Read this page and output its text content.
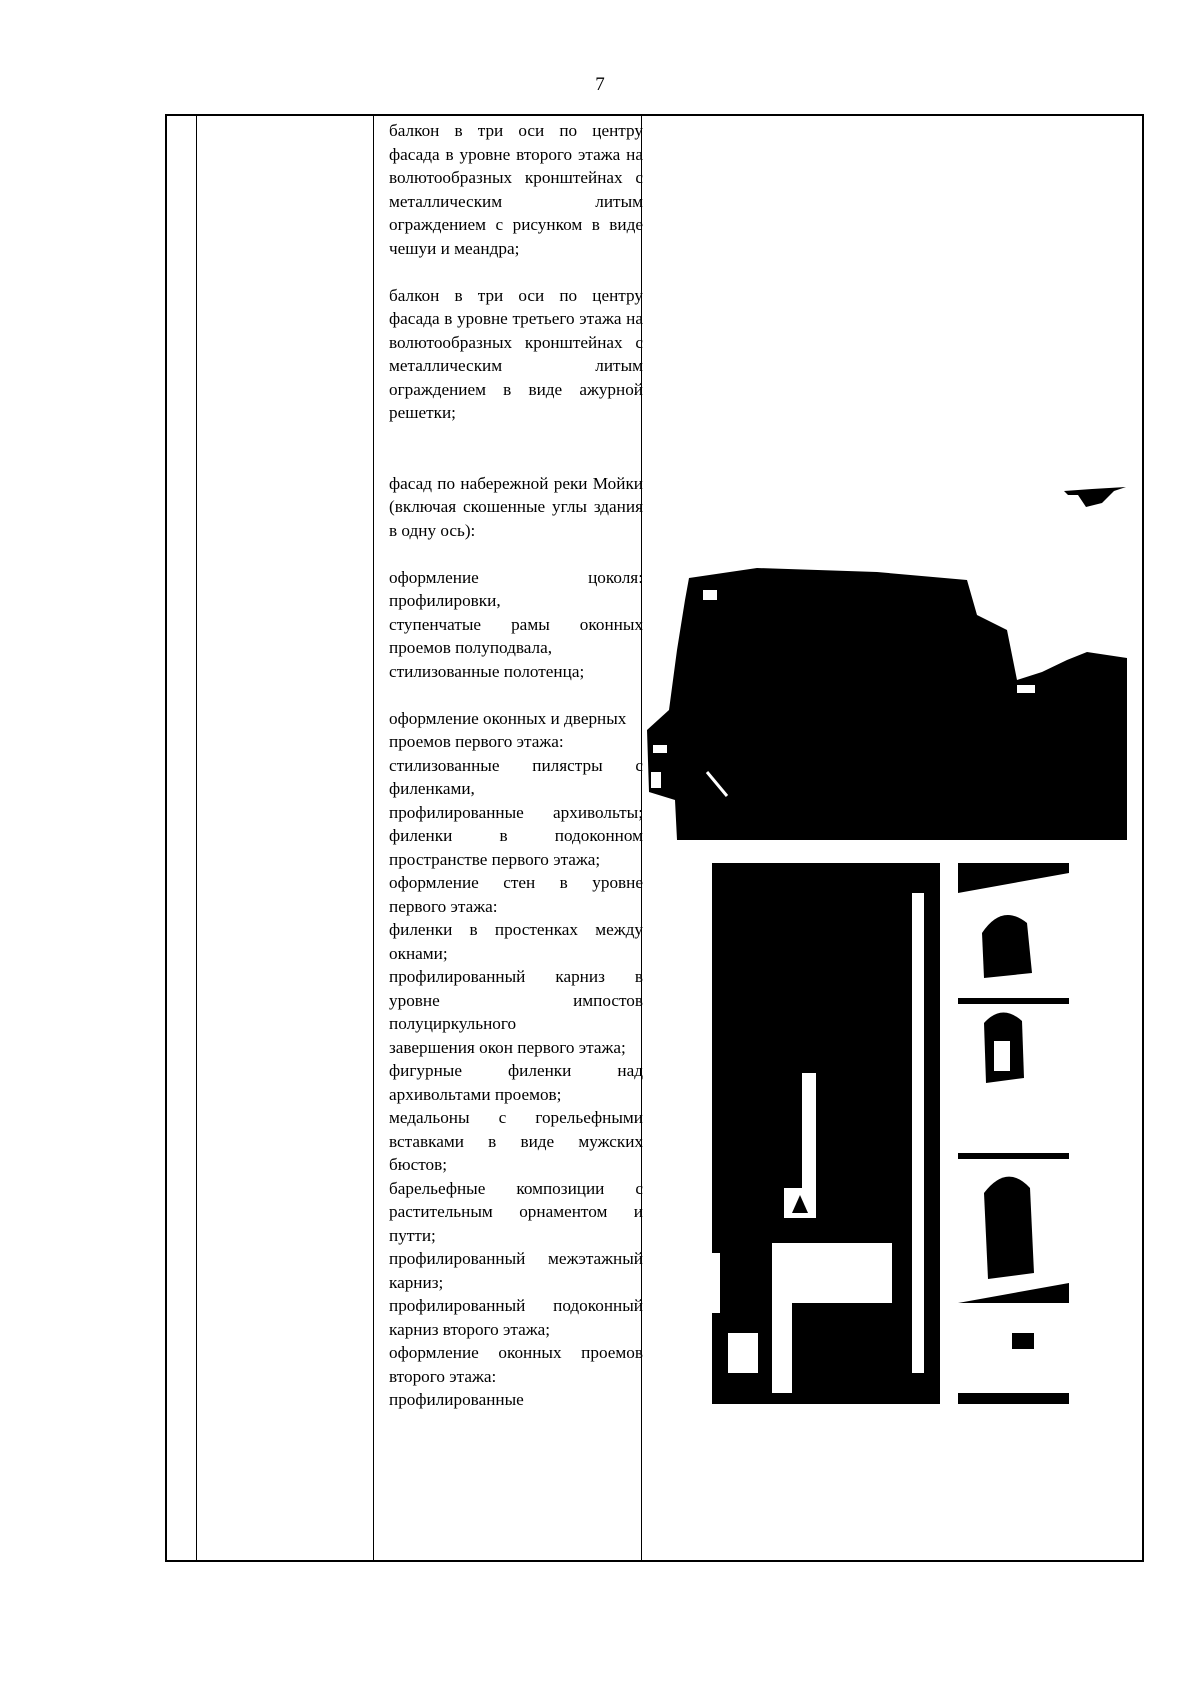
7

балкон в три оси по центру фасада в уровне второго этажа на волютообразных кронштейнах с металлическим литым ограждением с рисунком в виде чешуи и меандра;

балкон в три оси по центру фасада в уровне третьего этажа на волютообразных кронштейнах с металлическим литым ограждением в виде ажурной решетки;

фасад по набережной реки Мойки (включая скошенные углы здания в одну ось):

оформление цоколя: профилировки,

ступенчатые рамы оконных проемов полуподвала,

стилизованные полотенца;

оформление оконных и дверных

проемов первого этажа:

стилизованные пилястры с филенками,

профилированные архивольты; филенки в подоконном пространстве первого этажа;

оформление стен в уровне первого этажа:

филенки в простенках между окнами;

профилированный карниз в уровне импостов полуциркульного

завершения окон первого этажа;

фигурные филенки над архивольтами проемов;

медальоны с горельефными вставками в виде мужских бюстов;

барельефные композиции с растительным орнаментом и путти;

профилированный межэтажный карниз;

профилированный подоконный карниз второго этажа;

оформление оконных проемов второго этажа:

профилированные
